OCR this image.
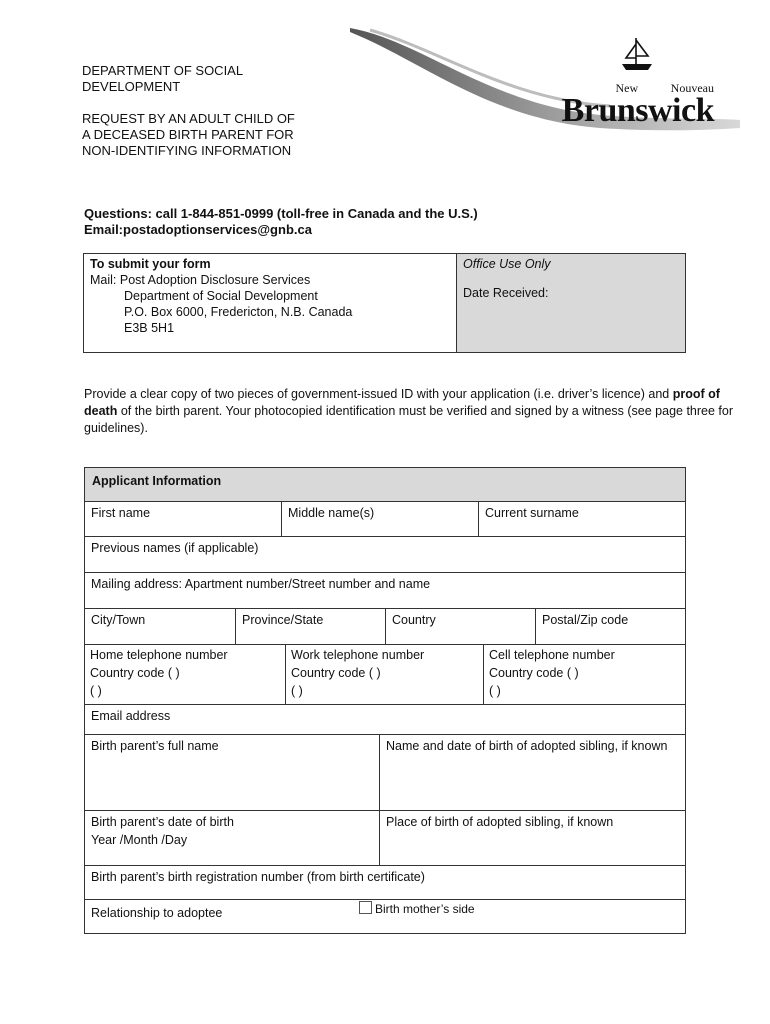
DEPARTMENT OF SOCIAL
DEVELOPMENT
REQUEST BY AN ADULT CHILD OF
A DECEASED BIRTH PARENT FOR
NON-IDENTIFYING INFORMATION
New	Nouveau
Brunswick
Questions: call 1-844-851-0999 (toll-free in Canada and the U.S.)
Email:postadoptionservices@gnb.ca
To submit your form
Mail: Post Adoption Disclosure Services
Department of Social Development
P.O. Box 6000, Fredericton, N.B. Canada
E3B 5H1
Office Use Only
Date Received:
Provide a clear copy of two pieces of government-issued ID with your application (i.e. driver’s licence) and proof of death of the birth parent. Your photocopied identification must be verified and signed by a witness (see page three for guidelines).
Applicant Information
First name	Middle name(s)	Current surname
Previous names (if applicable)
Mailing address: Apartment number/Street number and name
City/Town	Province/State	Country	Postal/Zip code
Home telephone number
Country code ( )
( )
Work telephone number
Country code ( )
( )
Cell telephone number
Country code ( )
( )
Email address
Birth parent’s full name	Name and date of birth of adopted sibling, if known
Birth parent’s date of birth
Year /Month /Day
Place of birth of adopted sibling, if known
Birth parent’s birth registration number (from birth certificate)
Relationship to adoptee	Birth mother’s side
